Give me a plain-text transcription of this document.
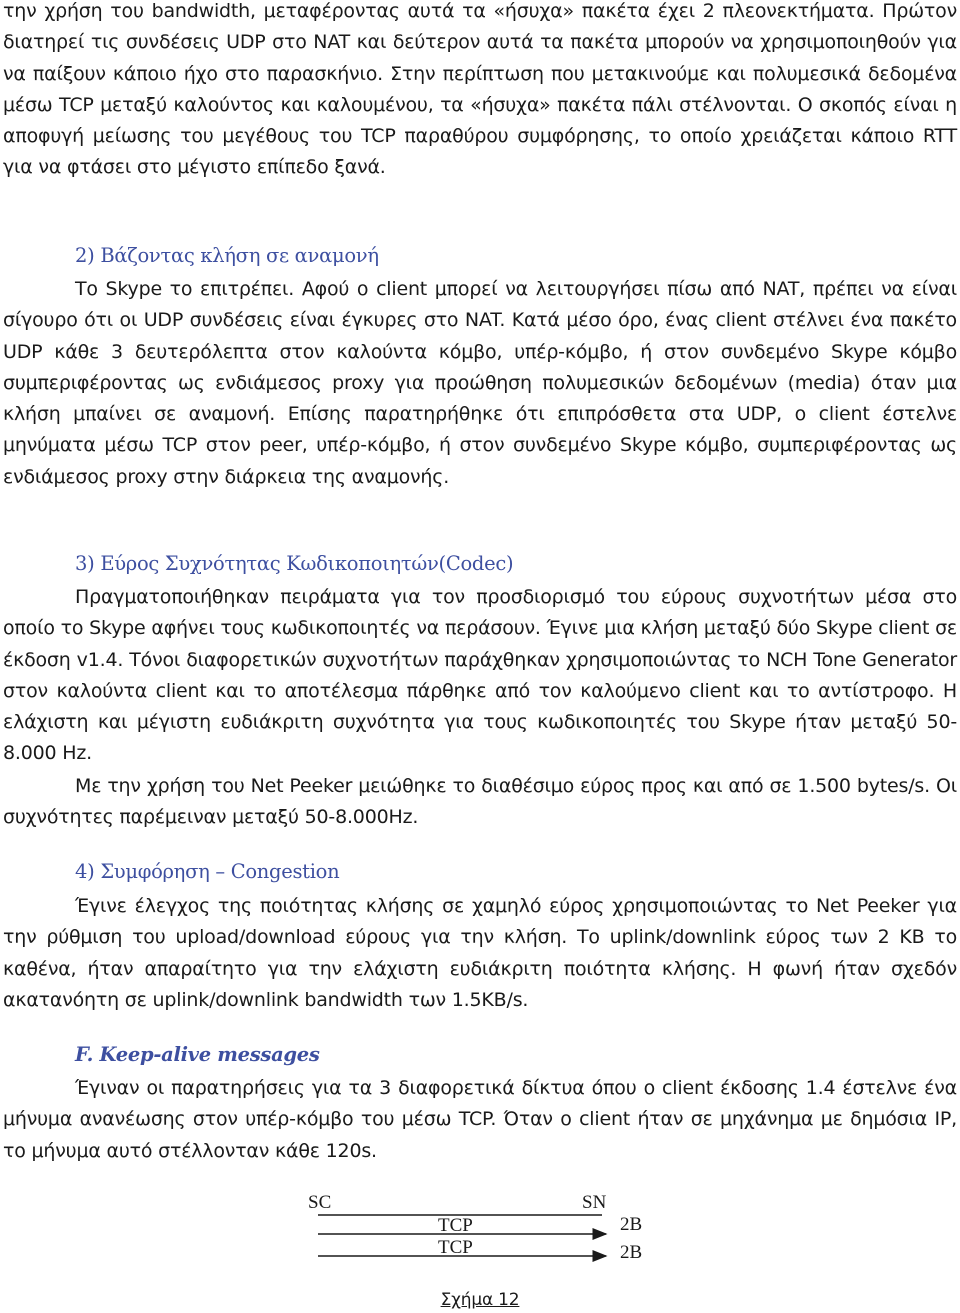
την χρήση του bandwidth, μεταφέροντας αυτά τα «ήσυχα» πακέτα έχει 2 πλεονεκτήματα. Πρώτον διατηρεί τις συνδέσεις UDP στο NAT και δεύτερον αυτά τα πακέτα μπορούν να χρησιμοποιηθούν για να παίξουν κάποιο ήχο στο παρασκήνιο. Στην περίπτωση που μετακινούμε και πολυμεσικά δεδομένα μέσω TCP μεταξύ καλούντος και καλουμένου, τα «ήσυχα» πακέτα πάλι στέλνονται. Ο σκοπός είναι η αποφυγή μείωσης του μεγέθους του TCP παραθύρου συμφόρησης, το οποίο χρειάζεται κάποιο RTT για να φτάσει στο μέγιστο επίπεδο ξανά.

2) Βάζοντας κλήση σε αναμονή

Το Skype το επιτρέπει. Αφού ο client μπορεί να λειτουργήσει πίσω από NAT, πρέπει να είναι σίγουρο ότι οι UDP συνδέσεις είναι έγκυρες στο NAT. Κατά μέσο όρο, ένας client στέλνει ένα πακέτο UDP κάθε 3 δευτερόλεπτα στον καλούντα κόμβο, υπέρ-κόμβο, ή στον συνδεμένο Skype κόμβο συμπεριφέροντας ως ενδιάμεσος proxy για προώθηση πολυμεσικών δεδομένων (media) όταν μια κλήση μπαίνει σε αναμονή. Επίσης παρατηρήθηκε ότι επιπρόσθετα στα UDP, ο client έστελνε μηνύματα μέσω TCP στον peer, υπέρ-κόμβο, ή στον συνδεμένο Skype κόμβο, συμπεριφέροντας ως ενδιάμεσος proxy στην διάρκεια της αναμονής.

3) Εύρος Συχνότητας Κωδικοποιητών(Codec)

Πραγματοποιήθηκαν πειράματα για τον προσδιορισμό του εύρους συχνοτήτων μέσα στο οποίο το Skype αφήνει τους κωδικοποιητές να περάσουν. Έγινε μια κλήση μεταξύ δύο Skype client σε έκδοση v1.4. Τόνοι διαφορετικών συχνοτήτων παράχθηκαν χρησιμοποιώντας το NCH Tone Generator στον καλούντα client και το αποτέλεσμα πάρθηκε από τον καλούμενο client και το αντίστροφο. Η ελάχιστη και μέγιστη ευδιάκριτη συχνότητα για τους κωδικοποιητές του Skype ήταν μεταξύ 50-8.000 Hz.

Με την χρήση του Net Peeker μειώθηκε το διαθέσιμο εύρος προς και από σε 1.500 bytes/s. Οι συχνότητες παρέμειναν μεταξύ 50-8.000Hz.

4) Συμφόρηση – Congestion

Έγινε έλεγχος της ποιότητας κλήσης σε χαμηλό εύρος χρησιμοποιώντας το Net Peeker για την ρύθμιση του upload/download εύρους για την κλήση. Το uplink/downlink εύρος των 2 KB το καθένα, ήταν απαραίτητο για την ελάχιστη ευδιάκριτη ποιότητα κλήσης. Η φωνή ήταν σχεδόν ακατανόητη σε uplink/downlink bandwidth των 1.5KB/s.

F. Keep-alive messages

Έγιναν οι παρατηρήσεις για τα 3 διαφορετικά δίκτυα όπου ο client έκδοσης 1.4 έστελνε ένα μήνυμα ανανέωσης στον υπέρ-κόμβο του μέσω TCP. Όταν ο client ήταν σε μηχάνημα με δημόσια IP, το μήνυμα αυτό στέλλονταν κάθε 120s.

SC	SN
TCP	2B
TCP	2B
Σχήμα 12
